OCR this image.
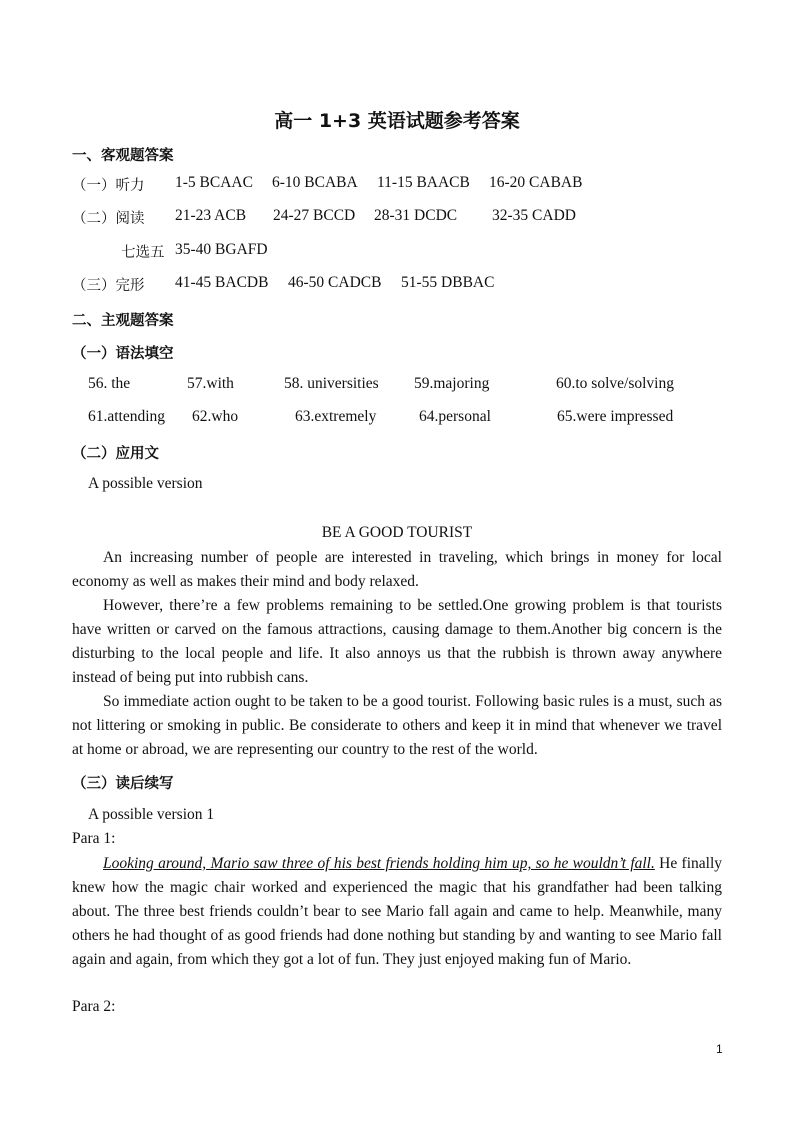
高一 1+3 英语试题参考答案
一、客观题答案
（一）听力 1-5 BCAAC 6-10 BCABA 11-15 BAACB 16-20 CABAB
（二）阅读 21-23 ACB 24-27 BCCD 28-31 DCDC 32-35 CADD
七选五 35-40 BGAFD
（三）完形 41-45 BACDB 46-50 CADCB 51-55 DBBAC
二、主观题答案
（一）语法填空
56. the	57.with	58. universities 59.majoring	60.to solve/solving
61.attending 62.who	63.extremely	64.personal	65.were impressed
（二）应用文
A possible version
BE A GOOD TOURIST

An increasing number of people are interested in traveling, which brings in money for local economy as well as makes their mind and body relaxed.

However, there’re a few problems remaining to be settled.One growing problem is that tourists have written or carved on the famous attractions, causing damage to them.Another big concern is the disturbing to the local people and life. It also annoys us that the rubbish is thrown away anywhere instead of being put into rubbish cans.

So immediate action ought to be taken to be a good tourist. Following basic rules is a must, such as not littering or smoking in public. Be considerate to others and keep it in mind that whenever we travel at home or abroad, we are representing our country to the rest of the world.

（三）读后续写
A possible version 1
Para 1:

Looking around, Mario saw three of his best friends holding him up, so he wouldn’t fall. He finally knew how the magic chair worked and experienced the magic that his grandfather had been talking about. The three best friends couldn’t bear to see Mario fall again and came to help. Meanwhile, many others he had thought of as good friends had done nothing but standing by and wanting to see Mario fall again and again, from which they got a lot of fun. They just enjoyed making fun of Mario.

Para 2:
1
